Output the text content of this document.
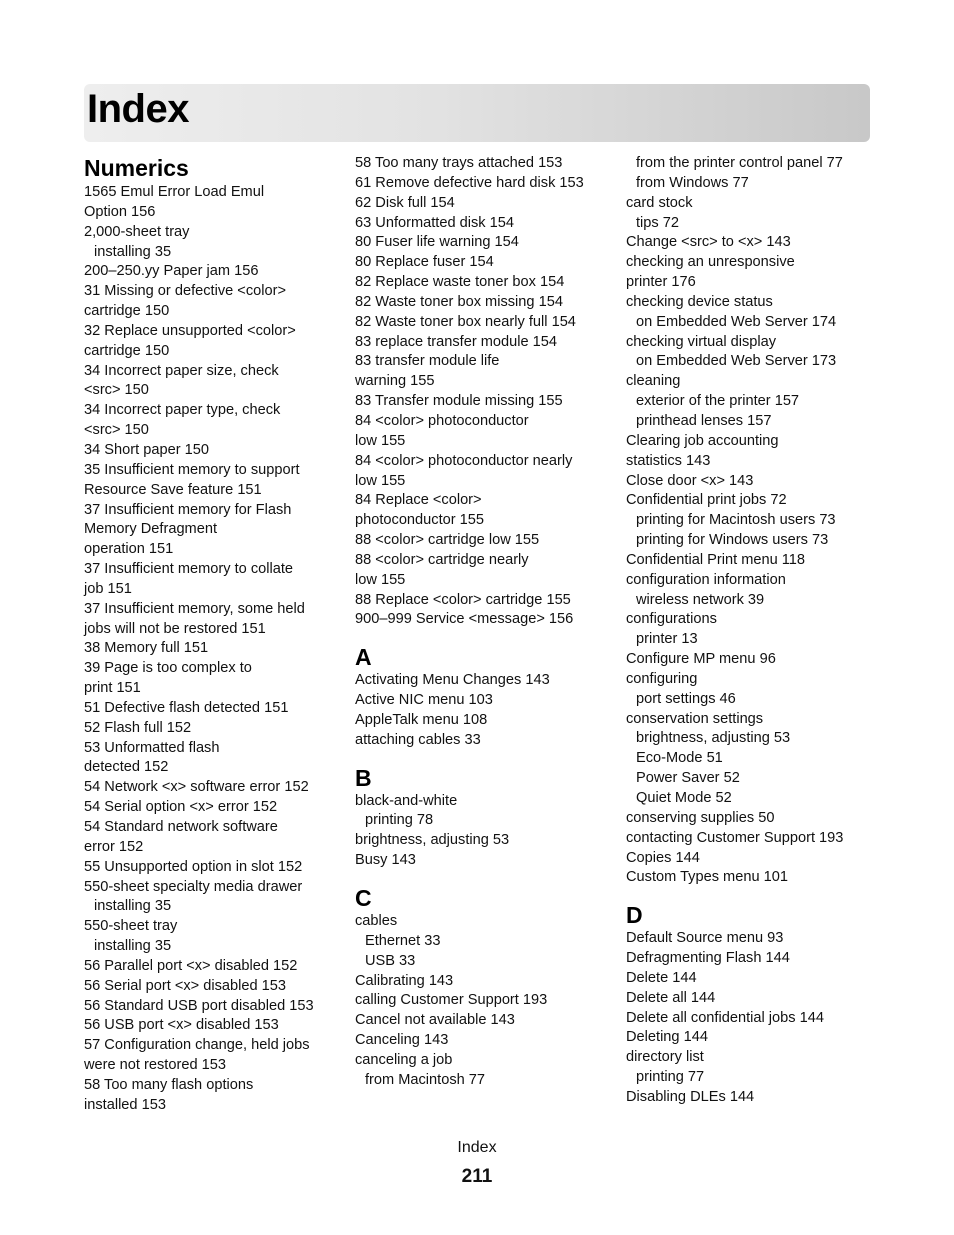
Index
Numerics
1565 Emul Error Load Emul
Option 156
2,000-sheet tray
installing 35
200–250.yy Paper jam 156
31 Missing or defective <color>
cartridge 150
32 Replace unsupported <color>
cartridge 150
34 Incorrect paper size, check
<src> 150
34 Incorrect paper type, check
<src> 150
34 Short paper 150
35 Insufficient memory to support
Resource Save feature 151
37 Insufficient memory for Flash
Memory Defragment
operation 151
37 Insufficient memory to collate
job 151
37 Insufficient memory, some held
jobs will not be restored 151
38 Memory full 151
39 Page is too complex to
print 151
51 Defective flash detected 151
52 Flash full 152
53 Unformatted flash
detected 152
54 Network <x> software error 152
54 Serial option <x> error 152
54 Standard network software
error 152
55 Unsupported option in slot 152
550-sheet specialty media drawer
installing 35
550-sheet tray
installing 35
56 Parallel port <x> disabled 152
56 Serial port <x> disabled 153
56 Standard USB port disabled 153
56 USB port <x> disabled 153
57 Configuration change, held jobs
were not restored 153
58 Too many flash options
installed 153
58 Too many trays attached 153
61 Remove defective hard disk 153
62 Disk full 154
63 Unformatted disk 154
80 Fuser life warning 154
80 Replace fuser 154
82 Replace waste toner box 154
82 Waste toner box missing 154
82 Waste toner box nearly full 154
83 replace transfer module 154
83 transfer module life
warning 155
83 Transfer module missing 155
84 <color> photoconductor
low 155
84 <color> photoconductor nearly
low 155
84 Replace <color>
photoconductor 155
88 <color> cartridge low 155
88 <color> cartridge nearly
low 155
88 Replace <color> cartridge 155
900–999 Service <message> 156
A
Activating Menu Changes 143
Active NIC menu 103
AppleTalk menu 108
attaching cables 33
B
black-and-white
printing 78
brightness, adjusting 53
Busy 143
C
cables
Ethernet 33
USB 33
Calibrating 143
calling Customer Support 193
Cancel not available 143
Canceling 143
canceling a job
from Macintosh 77
from the printer control panel 77
from Windows 77
card stock
tips 72
Change <src> to <x> 143
checking an unresponsive
printer 176
checking device status
on Embedded Web Server 174
checking virtual display
on Embedded Web Server 173
cleaning
exterior of the printer 157
printhead lenses 157
Clearing job accounting
statistics 143
Close door <x> 143
Confidential print jobs 72
printing for Macintosh users 73
printing for Windows users 73
Confidential Print menu 118
configuration information
wireless network 39
configurations
printer 13
Configure MP menu 96
configuring
port settings 46
conservation settings
brightness, adjusting 53
Eco-Mode 51
Power Saver 52
Quiet Mode 52
conserving supplies 50
contacting Customer Support 193
Copies 144
Custom Types menu 101
D
Default Source menu 93
Defragmenting Flash 144
Delete 144
Delete all 144
Delete all confidential jobs 144
Deleting 144
directory list
printing 77
Disabling DLEs 144
Index
211
